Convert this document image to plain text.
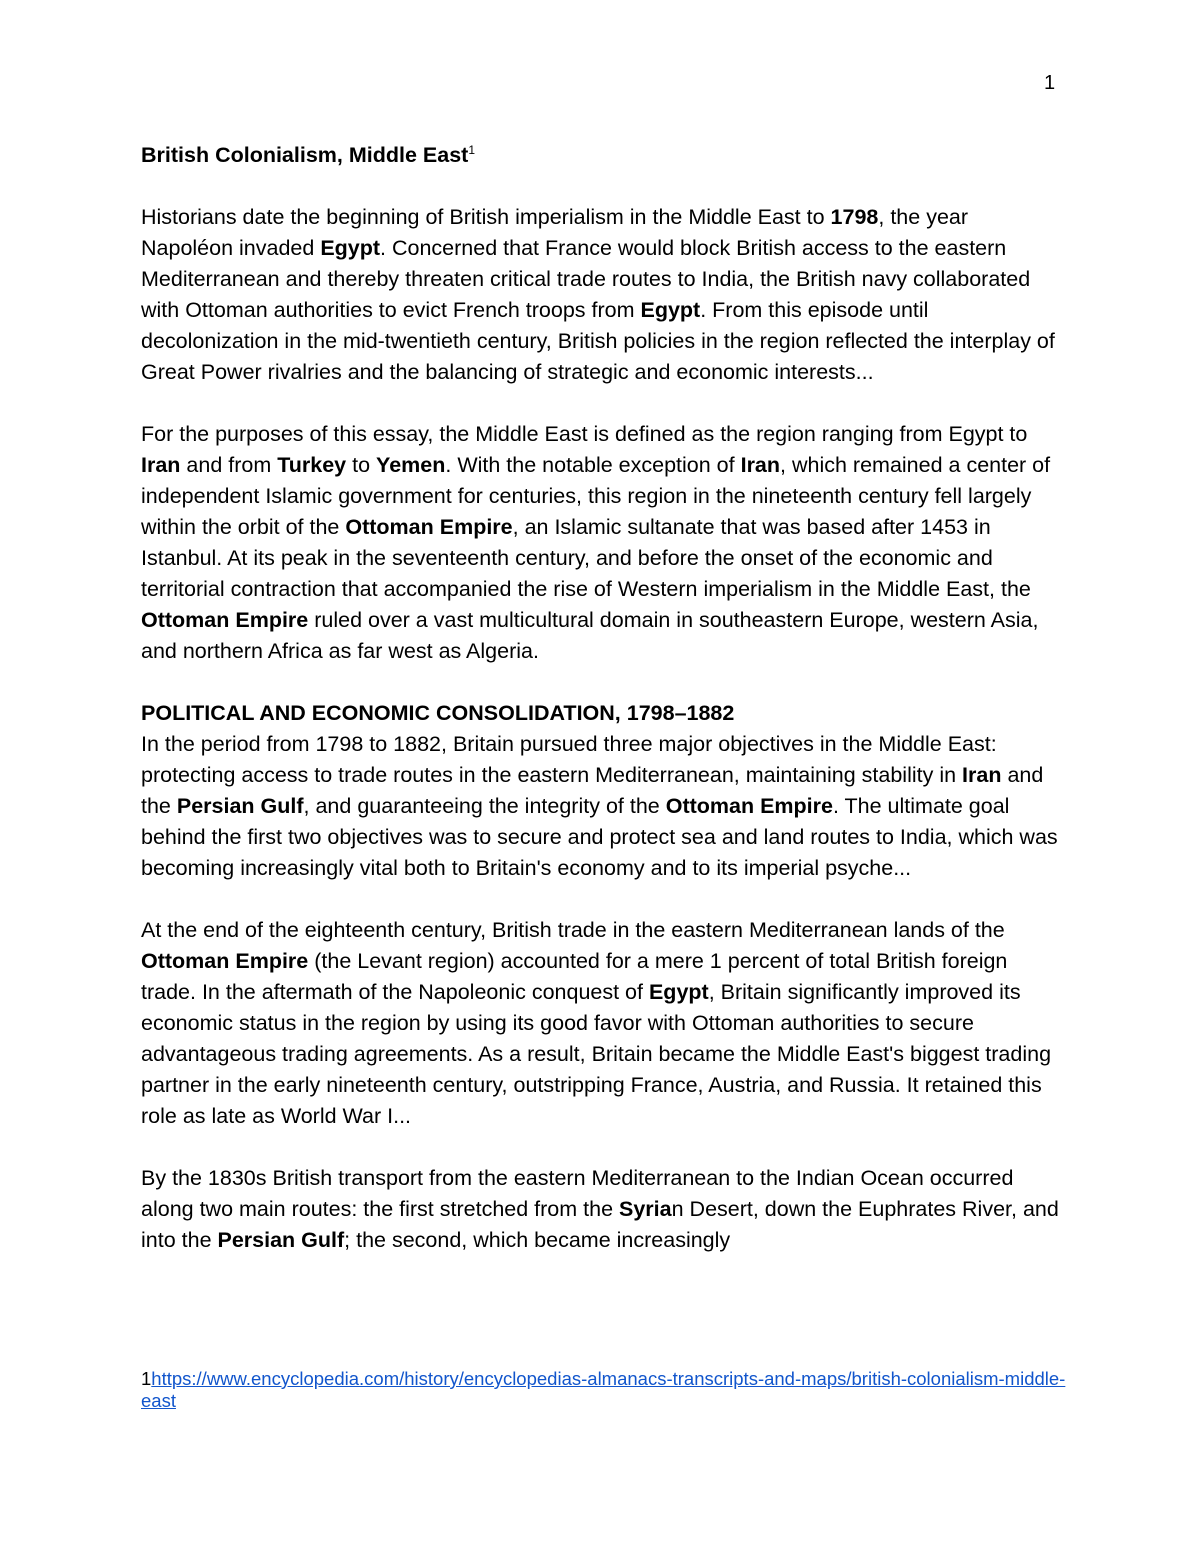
1

British Colonialism, Middle East$^1$

Historians date the beginning of British imperialism in the Middle East to 1798, the year Napoléon invaded Egypt. Concerned that France would block British access to the eastern Mediterranean and thereby threaten critical trade routes to India, the British navy collaborated with Ottoman authorities to evict French troops from Egypt. From this episode until decolonization in the mid-twentieth century, British policies in the region reflected the interplay of Great Power rivalries and the balancing of strategic and economic interests...

For the purposes of this essay, the Middle East is defined as the region ranging from Egypt to Iran and from Turkey to Yemen. With the notable exception of Iran, which remained a center of independent Islamic government for centuries, this region in the nineteenth century fell largely within the orbit of the Ottoman Empire, an Islamic sultanate that was based after 1453 in Istanbul. At its peak in the seventeenth century, and before the onset of the economic and territorial contraction that accompanied the rise of Western imperialism in the Middle East, the Ottoman Empire ruled over a vast multicultural domain in southeastern Europe, western Asia, and northern Africa as far west as Algeria.

POLITICAL AND ECONOMIC CONSOLIDATION, 1798–1882

In the period from 1798 to 1882, Britain pursued three major objectives in the Middle East: protecting access to trade routes in the eastern Mediterranean, maintaining stability in Iran and the Persian Gulf, and guaranteeing the integrity of the Ottoman Empire. The ultimate goal behind the first two objectives was to secure and protect sea and land routes to India, which was becoming increasingly vital both to Britain's economy and to its imperial psyche...

At the end of the eighteenth century, British trade in the eastern Mediterranean lands of the Ottoman Empire (the Levant region) accounted for a mere 1 percent of total British foreign trade. In the aftermath of the Napoleonic conquest of Egypt, Britain significantly improved its economic status in the region by using its good favor with Ottoman authorities to secure advantageous trading agreements. As a result, Britain became the Middle East's biggest trading partner in the early nineteenth century, outstripping France, Austria, and Russia. It retained this role as late as World War I...

By the 1830s British transport from the eastern Mediterranean to the Indian Ocean occurred along two main routes: the first stretched from the Syrian Desert, down the Euphrates River, and into the Persian Gulf; the second, which became increasingly

1https://www.encyclopedia.com/history/encyclopedias-almanacs-transcripts-and-maps/british-colonialism-middle-east
